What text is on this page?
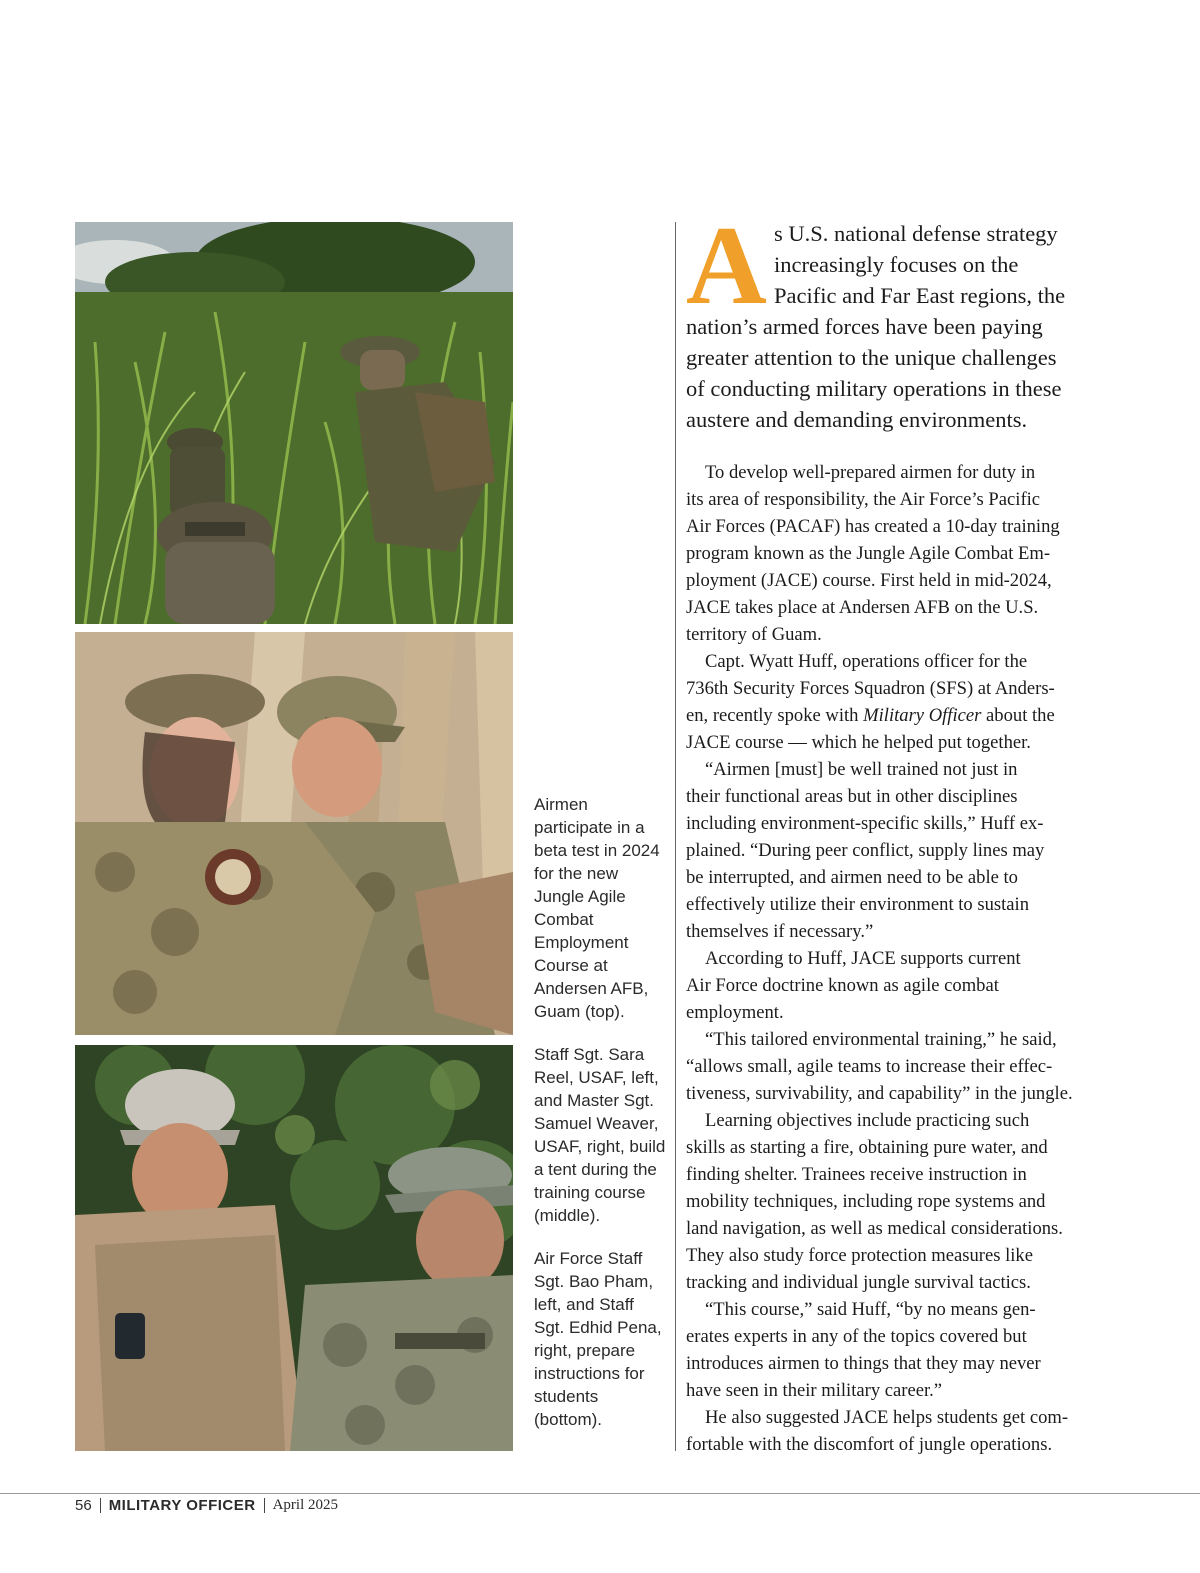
Airmen participate in a beta test in 2024 for the new Jungle Agile Combat Employment Course at Andersen AFB, Guam (top).

Staff Sgt. Sara Reel, USAF, left, and Master Sgt. Samuel Weaver, USAF, right, build a tent during the training course (middle).

Air Force Staff Sgt. Bao Pham, left, and Staff Sgt. Edhid Pena, right, prepare instructions for students (bottom).

A s U.S. national defense strategy
increasingly focuses on the
Pacific and Far East regions, the
nation’s armed forces have been paying
greater attention to the unique challenges
of conducting military operations in these
austere and demanding environments.
To develop well-prepared airmen for duty in
its area of responsibility, the Air Force’s Pacific
Air Forces (PACAF) has created a 10-day training
program known as the Jungle Agile Combat Em-
ployment (JACE) course. First held in mid-2024,
JACE takes place at Andersen AFB on the U.S.
territory of Guam.
Capt. Wyatt Huff, operations officer for the
736th Security Forces Squadron (SFS) at Anders-
en, recently spoke with Military Officer about the
JACE course — which he helped put together.
“Airmen [must] be well trained not just in
their functional areas but in other disciplines
including environment-specific skills,” Huff ex-
plained. “During peer conflict, supply lines may
be interrupted, and airmen need to be able to
effectively utilize their environment to sustain
themselves if necessary.”
According to Huff, JACE supports current
Air Force doctrine known as agile combat
employment.
“This tailored environmental training,” he said,
“allows small, agile teams to increase their effec-
tiveness, survivability, and capability” in the jungle.
Learning objectives include practicing such
skills as starting a fire, obtaining pure water, and
finding shelter. Trainees receive instruction in
mobility techniques, including rope systems and
land navigation, as well as medical considerations.
They also study force protection measures like
tracking and individual jungle survival tactics.
“This course,” said Huff, “by no means gen-
erates experts in any of the topics covered but
introduces airmen to things that they may never
have seen in their military career.”
He also suggested JACE helps students get com-
fortable with the discomfort of jungle operations.
56 MILITARY OFFICER April 2025
